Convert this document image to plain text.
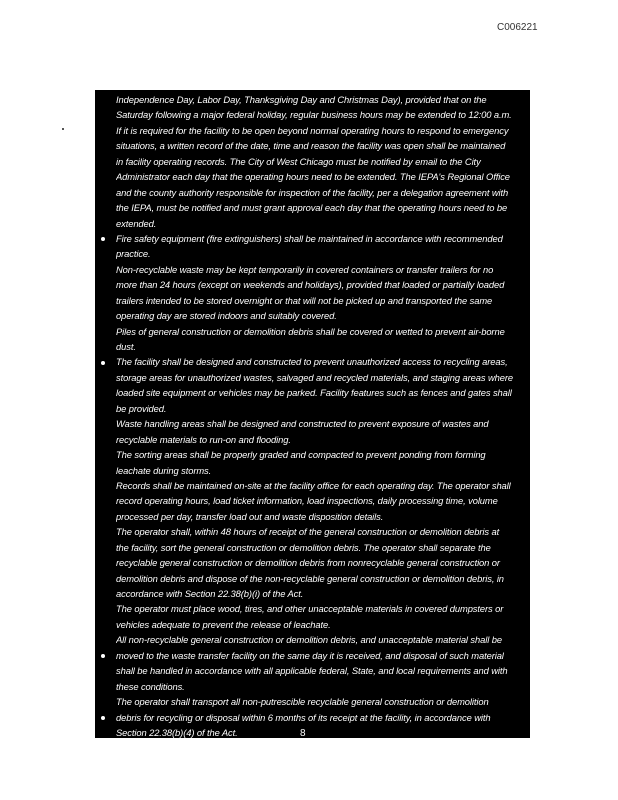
C006221
Independence Day, Labor Day, Thanksgiving Day and Christmas Day), provided that on the
Saturday following a major federal holiday, regular business hours may be extended to 12:00 a.m.
If it is required for the facility to be open beyond normal operating hours to respond to emergency
situations, a written record of the date, time and reason the facility was open shall be maintained
in facility operating records. The City of West Chicago must be notified by email to the City
Administrator each day that the operating hours need to be extended. The IEPA's Regional Office
and the county authority responsible for inspection of the facility, per a delegation agreement with
the IEPA, must be notified and must grant approval each day that the operating hours need to be
extended.
Fire safety equipment (fire extinguishers) shall be maintained in accordance with recommended
practice.
Non-recyclable waste may be kept temporarily in covered containers or transfer trailers for no
more than 24 hours (except on weekends and holidays), provided that loaded or partially loaded
trailers intended to be stored overnight or that will not be picked up and transported the same
operating day are stored indoors and suitably covered.
Piles of general construction or demolition debris shall be covered or wetted to prevent air-borne
dust.
The facility shall be designed and constructed to prevent unauthorized access to recycling areas,
storage areas for unauthorized wastes, salvaged and recycled materials, and staging areas where
loaded site equipment or vehicles may be parked. Facility features such as fences and gates shall
be provided.
Waste handling areas shall be designed and constructed to prevent exposure of wastes and
recyclable materials to run-on and flooding.
The sorting areas shall be properly graded and compacted to prevent ponding from forming
leachate during storms.
Records shall be maintained on-site at the facility office for each operating day. The operator shall
record operating hours, load ticket information, load inspections, daily processing time, volume
processed per day, transfer load out and waste disposition details.
The operator shall, within 48 hours of receipt of the general construction or demolition debris at
the facility, sort the general construction or demolition debris. The operator shall separate the
recyclable general construction or demolition debris from nonrecyclable general construction or
demolition debris and dispose of the non-recyclable general construction or demolition debris, in
accordance with Section 22.38(b)(i) of the Act.
The operator must place wood, tires, and other unacceptable materials in covered dumpsters or
vehicles adequate to prevent the release of leachate.
All non-recyclable general construction or demolition debris, and unacceptable material shall be
moved to the waste transfer facility on the same day it is received, and disposal of such material
shall be handled in accordance with all applicable federal, State, and local requirements and with
these conditions.
The operator shall transport all non-putrescible recyclable general construction or demolition
debris for recycling or disposal within 6 months of its receipt at the facility, in accordance with
Section 22.38(b)(4) of the Act.
In accordance with Section 22.38(b)(6) of the Act, the operator shall employ tagging and record
keeping procedures to identify the source and transporter of C&D material accepted by the facility.
8
